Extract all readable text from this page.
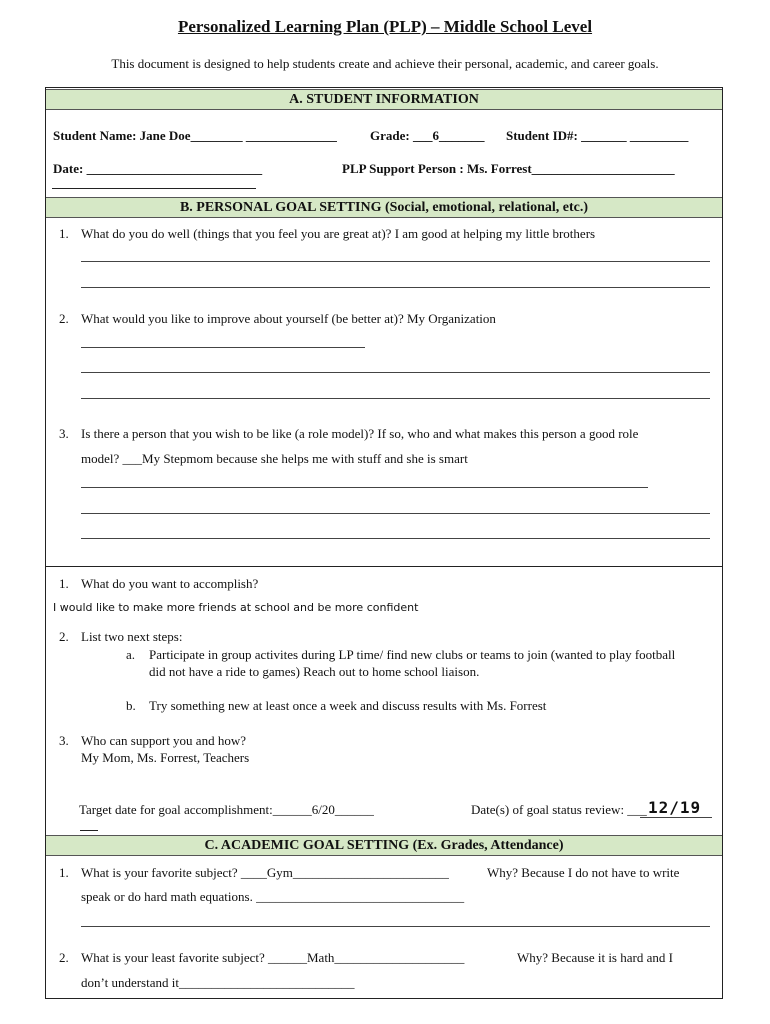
Personalized Learning Plan (PLP) – Middle School Level
This document is designed to help students create and achieve their personal, academic, and career goals.
A. STUDENT INFORMATION
Student Name: Jane Doe________ ______________	Grade: ___6_______ Student ID#: _______ _________
Date: ___________________________	PLP Support Person : Ms. Forrest______________________
B. PERSONAL GOAL SETTING (Social, emotional, relational, etc.)
1. What do you do well (things that you feel you are great at)? I am good at helping my little brothers
2. What would you like to improve about yourself (be better at)? My Organization
3. Is there a person that you wish to be like (a role model)? If so, who and what makes this person a good role
model? ___My Stepmom because she helps me with stuff and she is smart
1. What do you want to accomplish?
I would like to make more friends at school and be more confident
2. List two next steps:
a. Participate in group activites during LP time/ find new clubs or teams to join (wanted to play football
did not have a ride to games) Reach out to home school liaison.
b. Try something new at least once a week and discuss results with Ms. Forrest
3. Who can support you and how?
My Mom, Ms. Forrest, Teachers
Target date for goal accomplishment:______6/20______	Date(s) of goal status review: ___ 12/19
C. ACADEMIC GOAL SETTING (Ex. Grades, Attendance)
1. What is your favorite subject? ____Gym________________________	Why? Because I do not have to write
speak or do hard math equations. ________________________________
2. What is your least favorite subject? ______Math____________________	Why? Because it is hard and I
don’t understand it___________________________
